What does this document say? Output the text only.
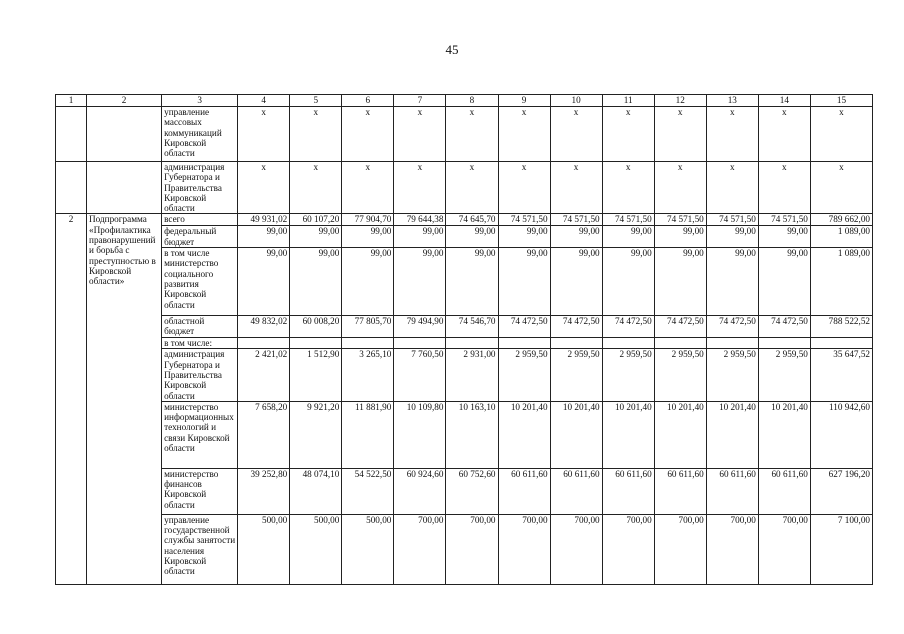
45
1	2	3	4	5	6	7	8	9	10	11	12	13	14	15
		управление массовых коммуникаций Кировской области	x	x	x	x	x	x	x	x	x	x	x	x
		администрация Губернатора и Правительства Кировской области	x	x	x	x	x	x	x	x	x	x	x	x
2	Подпрограмма «Профилактика правонарушений и борьба с преступностью в Кировской области»	всего	49 931,02	60 107,20	77 904,70	79 644,38	74 645,70	74 571,50	74 571,50	74 571,50	74 571,50	74 571,50	74 571,50	789 662,00
		федеральный бюджет	99,00	99,00	99,00	99,00	99,00	99,00	99,00	99,00	99,00	99,00	99,00	1 089,00
		в том числе министерство социального развития Кировской области	99,00	99,00	99,00	99,00	99,00	99,00	99,00	99,00	99,00	99,00	99,00	1 089,00
		областной бюджет	49 832,02	60 008,20	77 805,70	79 494,90	74 546,70	74 472,50	74 472,50	74 472,50	74 472,50	74 472,50	74 472,50	788 522,52
		в том числе:												
		администрация Губернатора и Правительства Кировской области	2 421,02	1 512,90	3 265,10	7 760,50	2 931,00	2 959,50	2 959,50	2 959,50	2 959,50	2 959,50	2 959,50	35 647,52
		министерство информационных технологий и связи Кировской области	7 658,20	9 921,20	11 881,90	10 109,80	10 163,10	10 201,40	10 201,40	10 201,40	10 201,40	10 201,40	10 201,40	110 942,60
		министерство финансов Кировской области	39 252,80	48 074,10	54 522,50	60 924,60	60 752,60	60 611,60	60 611,60	60 611,60	60 611,60	60 611,60	60 611,60	627 196,20
		управление государственной службы занятости населения Кировской области	500,00	500,00	500,00	700,00	700,00	700,00	700,00	700,00	700,00	700,00	700,00	7 100,00
